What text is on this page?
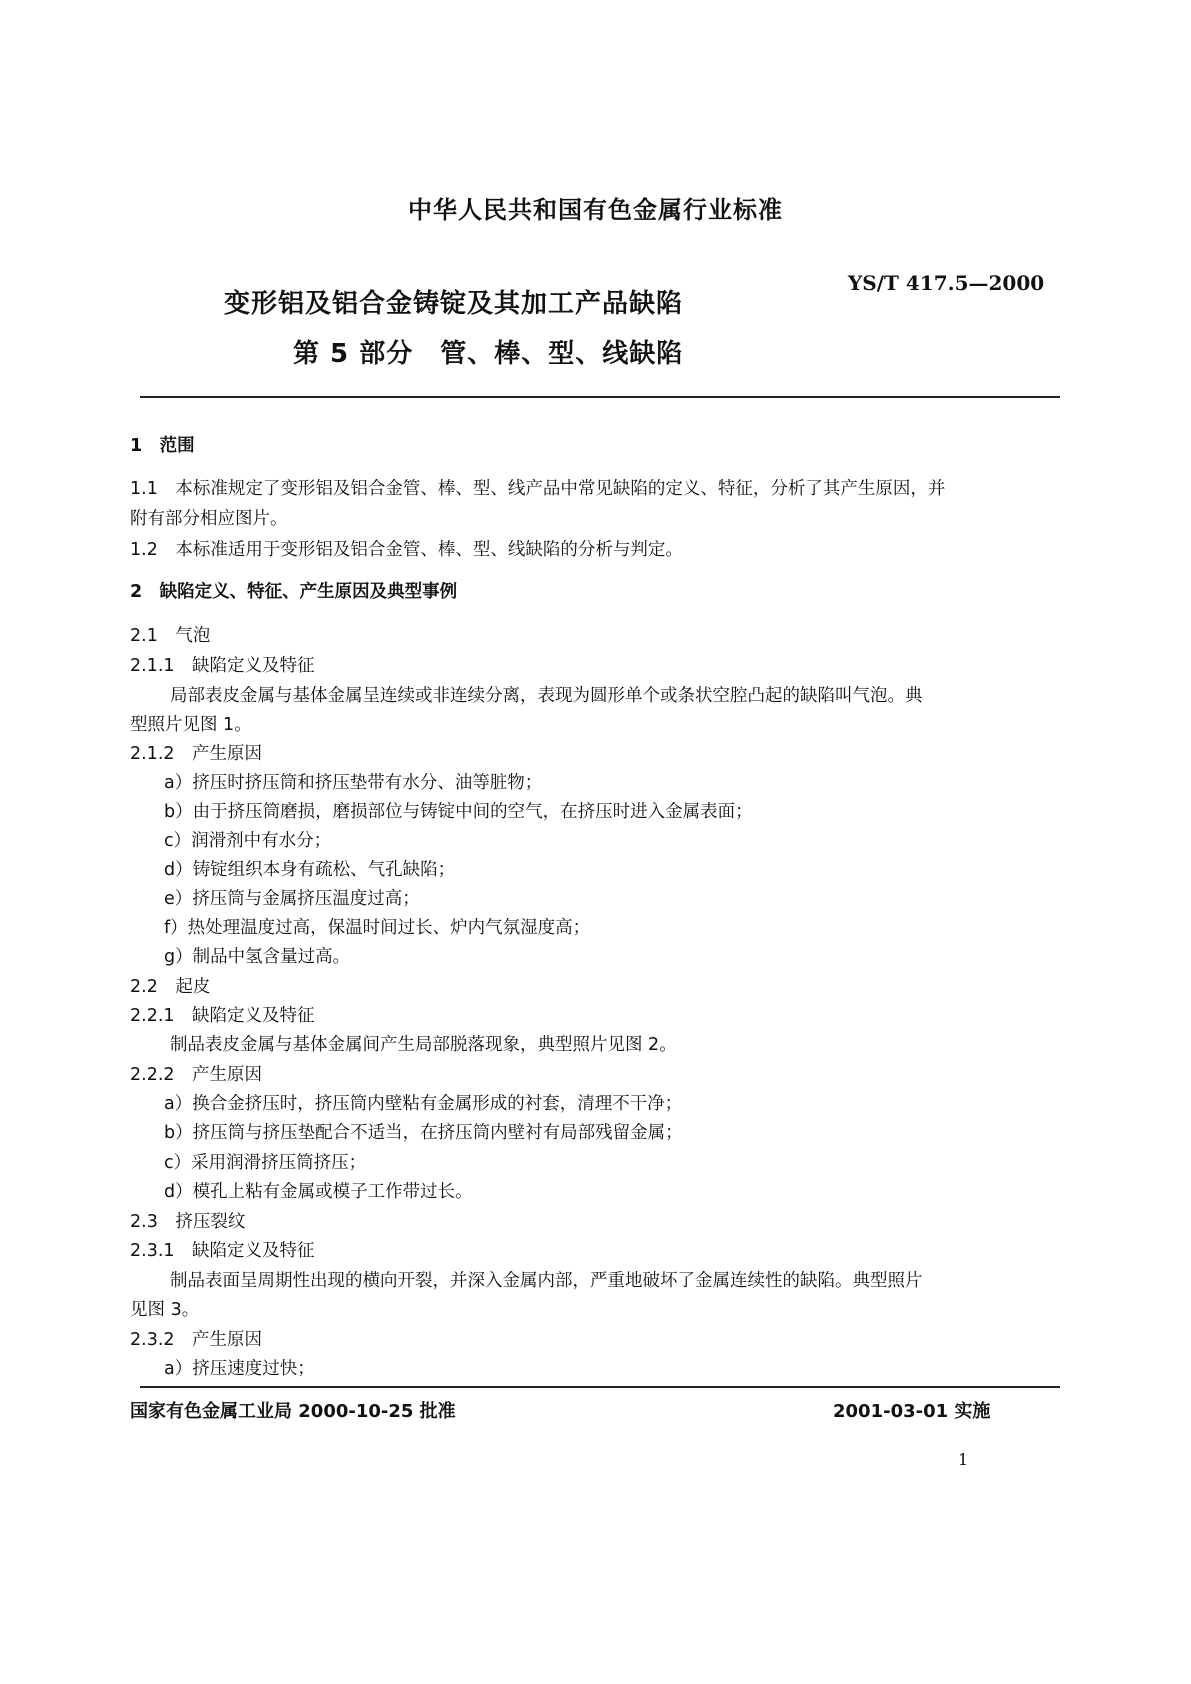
中华人民共和国有色金属行业标准
YS/T 417.5—2000
变形铝及铝合金铸锭及其加工产品缺陷
第 5 部分　管、棒、型、线缺陷
1　范围
1.1　本标准规定了变形铝及铝合金管、棒、型、线产品中常见缺陷的定义、特征，分析了其产生原因，并
附有部分相应图片。
1.2　本标准适用于变形铝及铝合金管、棒、型、线缺陷的分析与判定。
2　缺陷定义、特征、产生原因及典型事例
2.1　气泡
2.1.1　缺陷定义及特征
局部表皮金属与基体金属呈连续或非连续分离，表现为圆形单个或条状空腔凸起的缺陷叫气泡。典
型照片见图 1。
2.1.2　产生原因
a）挤压时挤压筒和挤压垫带有水分、油等脏物；
b）由于挤压筒磨损，磨损部位与铸锭中间的空气，在挤压时进入金属表面；
c）润滑剂中有水分；
d）铸锭组织本身有疏松、气孔缺陷；
e）挤压筒与金属挤压温度过高；
f）热处理温度过高，保温时间过长、炉内气氛湿度高；
g）制品中氢含量过高。
2.2　起皮
2.2.1　缺陷定义及特征
制品表皮金属与基体金属间产生局部脱落现象，典型照片见图 2。
2.2.2　产生原因
a）换合金挤压时，挤压筒内壁粘有金属形成的衬套，清理不干净；
b）挤压筒与挤压垫配合不适当，在挤压筒内壁衬有局部残留金属；
c）采用润滑挤压筒挤压；
d）模孔上粘有金属或模子工作带过长。
2.3　挤压裂纹
2.3.1　缺陷定义及特征
制品表面呈周期性出现的横向开裂，并深入金属内部，严重地破坏了金属连续性的缺陷。典型照片
见图 3。
2.3.2　产生原因
a）挤压速度过快；
国家有色金属工业局 2000-10-25 批准	2001-03-01 实施
1
